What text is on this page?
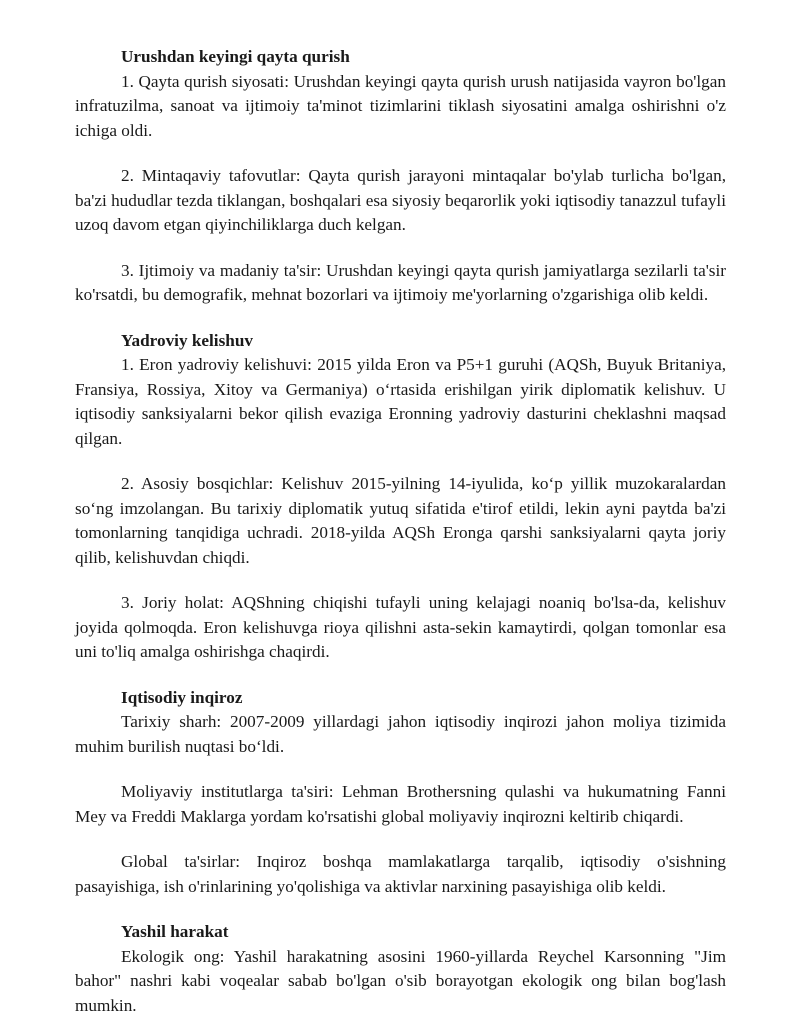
Urushdan keyingi qayta qurish

1. Qayta qurish siyosati: Urushdan keyingi qayta qurish urush natijasida vayron bo'lgan infratuzilma, sanoat va ijtimoiy ta'minot tizimlarini tiklash siyosatini amalga oshirishni o'z ichiga oldi.

2. Mintaqaviy tafovutlar: Qayta qurish jarayoni mintaqalar bo'ylab turlicha bo'lgan, ba'zi hududlar tezda tiklangan, boshqalari esa siyosiy beqarorlik yoki iqtisodiy tanazzul tufayli uzoq davom etgan qiyinchiliklarga duch kelgan.

3. Ijtimoiy va madaniy ta'sir: Urushdan keyingi qayta qurish jamiyatlarga sezilarli ta'sir ko'rsatdi, bu demografik, mehnat bozorlari va ijtimoiy me'yorlarning o'zgarishiga olib keldi.

Yadroviy kelishuv

1. Eron yadroviy kelishuvi: 2015 yilda Eron va P5+1 guruhi (AQSh, Buyuk Britaniya, Fransiya, Rossiya, Xitoy va Germaniya) o‘rtasida erishilgan yirik diplomatik kelishuv. U iqtisodiy sanksiyalarni bekor qilish evaziga Eronning yadroviy dasturini cheklashni maqsad qilgan.

2. Asosiy bosqichlar: Kelishuv 2015-yilning 14-iyulida, ko‘p yillik muzokaralardan so‘ng imzolangan. Bu tarixiy diplomatik yutuq sifatida e'tirof etildi, lekin ayni paytda ba'zi tomonlarning tanqidiga uchradi. 2018-yilda AQSh Eronga qarshi sanksiyalarni qayta joriy qilib, kelishuvdan chiqdi.

3. Joriy holat: AQShning chiqishi tufayli uning kelajagi noaniq bo'lsa-da, kelishuv joyida qolmoqda. Eron kelishuvga rioya qilishni asta-sekin kamaytirdi, qolgan tomonlar esa uni to'liq amalga oshirishga chaqirdi.

Iqtisodiy inqiroz

Tarixiy sharh: 2007-2009 yillardagi jahon iqtisodiy inqirozi jahon moliya tizimida muhim burilish nuqtasi bo‘ldi.

Moliyaviy institutlarga ta'siri: Lehman Brothersning qulashi va hukumatning Fanni Mey va Freddi Maklarga yordam ko'rsatishi global moliyaviy inqirozni keltirib chiqardi.

Global ta'sirlar: Inqiroz boshqa mamlakatlarga tarqalib, iqtisodiy o'sishning pasayishiga, ish o'rinlarining yo'qolishiga va aktivlar narxining pasayishiga olib keldi.

Yashil harakat

Ekologik ong: Yashil harakatning asosini 1960-yillarda Reychel Karsonning "Jim bahor" nashri kabi voqealar sabab bo'lgan o'sib borayotgan ekologik ong bilan bog'lash mumkin.
